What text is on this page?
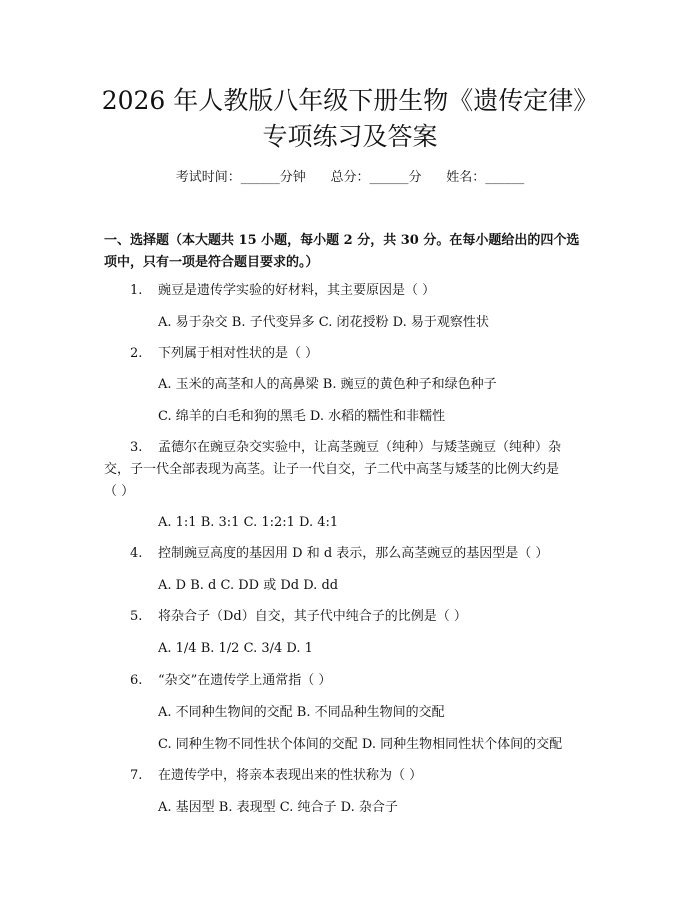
2026 年人教版八年级下册生物《遗传定律》
专项练习及答案
考试时间：______分钟      总分：______分      姓名：______

一、选择题（本大题共 15 小题，每小题 2 分，共 30 分。在每小题给出的四个选

项中，只有一项是符合题目要求的。）

1. 豌豆是遗传学实验的好材料，其主要原因是（ ）
A. 易于杂交 B. 子代变异多 C. 闭花授粉 D. 易于观察性状
2. 下列属于相对性状的是（ ）
A. 玉米的高茎和人的高鼻梁 B. 豌豆的黄色种子和绿色种子
C. 绵羊的白毛和狗的黑毛 D. 水稻的糯性和非糯性
3. 孟德尔在豌豆杂交实验中，让高茎豌豆（纯种）与矮茎豌豆（纯种）杂
交，子一代全部表现为高茎。让子一代自交，子二代中高茎与矮茎的比例大约是
（ ）
A. 1:1 B. 3:1 C. 1:2:1 D. 4:1
4. 控制豌豆高度的基因用 D 和 d 表示，那么高茎豌豆的基因型是（ ）
A. D B. d C. DD 或 Dd D. dd
5. 将杂合子（Dd）自交，其子代中纯合子的比例是（ ）
A. 1/4 B. 1/2 C. 3/4 D. 1
6. “杂交”在遗传学上通常指（ ）
A. 不同种生物间的交配 B. 不同品种生物间的交配
C. 同种生物不同性状个体间的交配 D. 同种生物相同性状个体间的交配
7. 在遗传学中，将亲本表现出来的性状称为（ ）
A. 基因型 B. 表现型 C. 纯合子 D. 杂合子
